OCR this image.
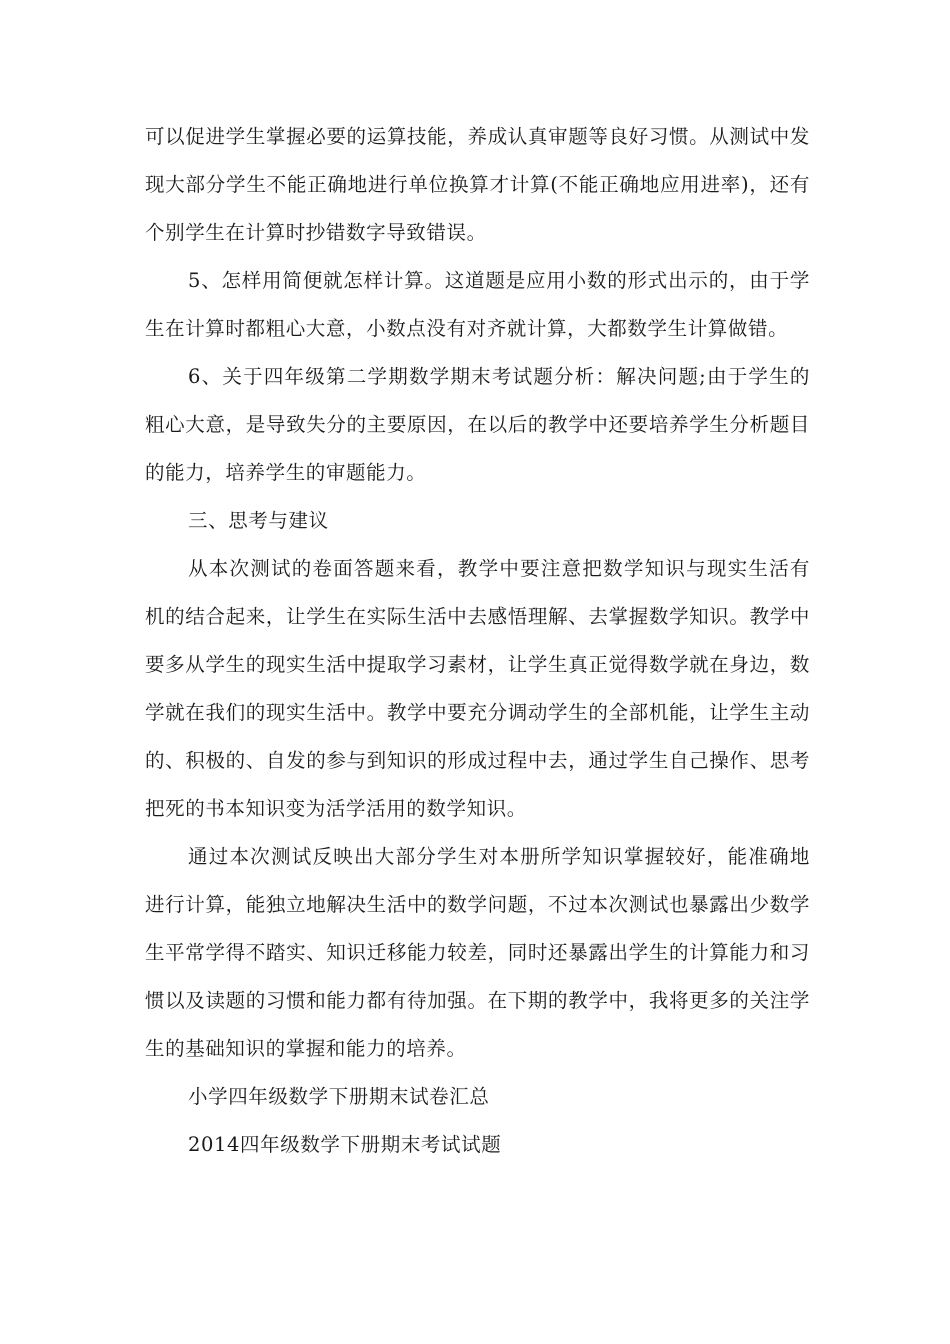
可以促进学生掌握必要的运算技能，养成认真审题等良好习惯。从测试中发现大部分学生不能正确地进行单位换算才计算(不能正确地应用进率)，还有个别学生在计算时抄错数字导致错误。

5、怎样用简便就怎样计算。这道题是应用小数的形式出示的，由于学生在计算时都粗心大意，小数点没有对齐就计算，大都数学生计算做错。

6、关于四年级第二学期数学期末考试题分析：解决问题;由于学生的粗心大意，是导致失分的主要原因，在以后的教学中还要培养学生分析题目的能力，培养学生的审题能力。

三、思考与建议

从本次测试的卷面答题来看，教学中要注意把数学知识与现实生活有机的结合起来，让学生在实际生活中去感悟理解、去掌握数学知识。教学中要多从学生的现实生活中提取学习素材，让学生真正觉得数学就在身边，数学就在我们的现实生活中。教学中要充分调动学生的全部机能，让学生主动的、积极的、自发的参与到知识的形成过程中去，通过学生自己操作、思考把死的书本知识变为活学活用的数学知识。

通过本次测试反映出大部分学生对本册所学知识掌握较好，能准确地进行计算，能独立地解决生活中的数学问题，不过本次测试也暴露出少数学生平常学得不踏实、知识迁移能力较差，同时还暴露出学生的计算能力和习惯以及读题的习惯和能力都有待加强。在下期的教学中，我将更多的关注学生的基础知识的掌握和能力的培养。

小学四年级数学下册期末试卷汇总

2014四年级数学下册期末考试试题
